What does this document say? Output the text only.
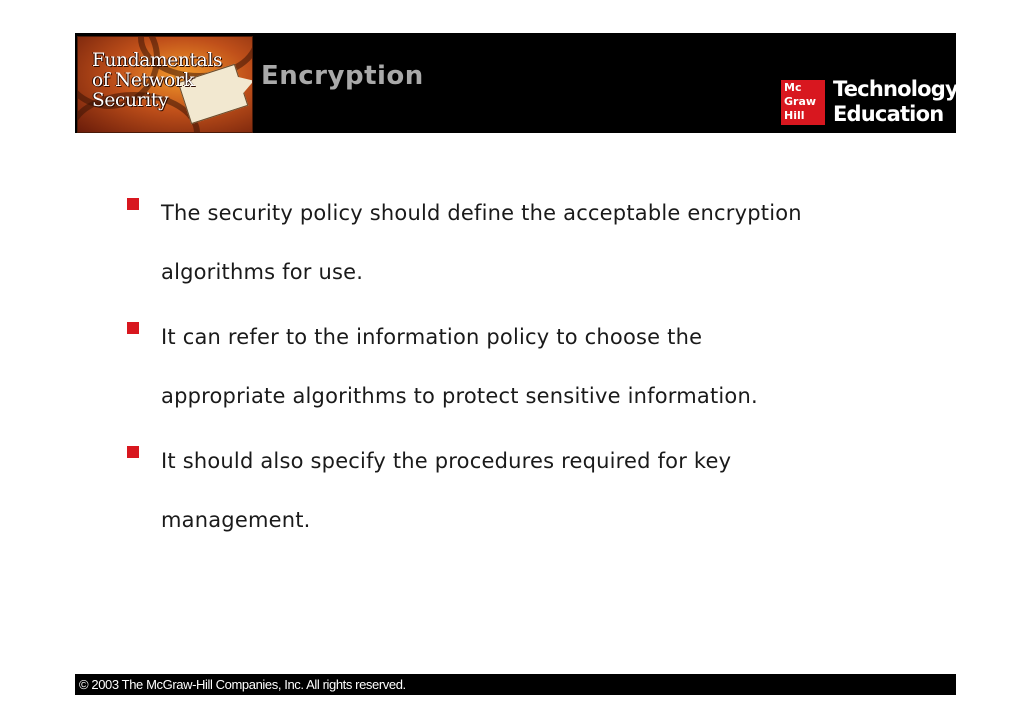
Fundamentals
of Network
Security
Encryption	Mc
Graw
Hill
Technology
Education
The security policy should define the acceptable encryption
algorithms for use.
It can refer to the information policy to choose the
appropriate algorithms to protect sensitive information.
It should also specify the procedures required for key
management.
© 2003 The McGraw-Hill Companies, Inc. All rights reserved.
